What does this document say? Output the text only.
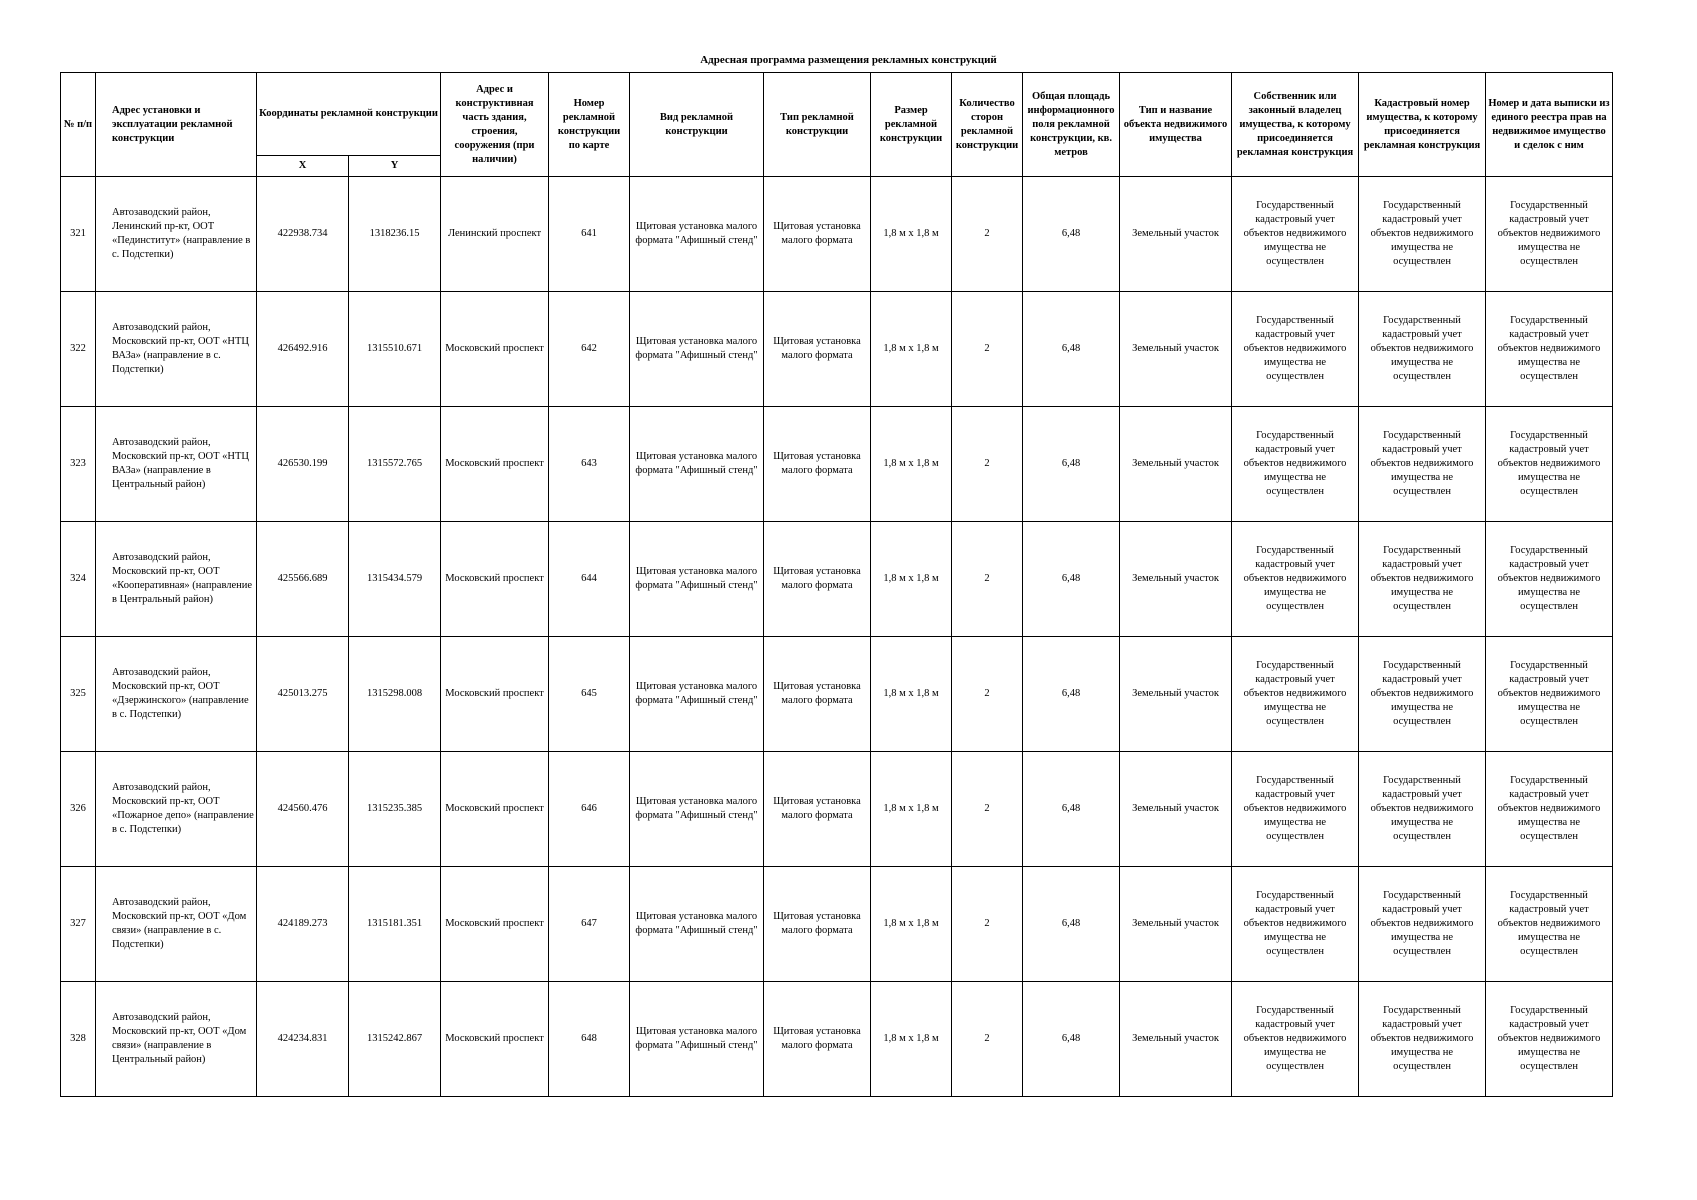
Адресная программа размещения рекламных конструкций
№ п/п	Адрес установки и эксплуатации рекламной конструкции	Координаты рекламной конструкции		Адрес и конструктивная часть здания, строения, сооружения (при наличии)	Номер рекламной конструкции по карте	Вид рекламной конструкции	Тип рекламной конструкции	Размер рекламной конструкции	Количество сторон рекламной конструкции	Общая площадь информационного поля рекламной конструкции, кв. метров	Тип и название объекта недвижимого имущества	Собственник или законный владелец имущества, к которому присоединяется рекламная конструкция	Кадастровый номер имущества, к которому присоединяется рекламная конструкция	Номер и дата выписки из единого реестра прав на недвижимое имущество и сделок с ним
		X	Y											
321	Автозаводский район, Ленинский пр-кт, ООТ «Пединститут» (направление в с. Подстепки)	422938.734	1318236.15	Ленинский проспект	641	Щитовая установка малого формата "Афишный стенд"	Щитовая установка малого формата	1,8 м х 1,8 м	2	6,48	Земельный участок	Государственный кадастровый учет объектов недвижимого имущества не осуществлен	Государственный кадастровый учет объектов недвижимого имущества не осуществлен	Государственный кадастровый учет объектов недвижимого имущества не осуществлен
322	Автозаводский район, Московский пр-кт, ООТ «НТЦ ВАЗа» (направление в с. Подстепки)	426492.916	1315510.671	Московский проспект	642	Щитовая установка малого формата "Афишный стенд"	Щитовая установка малого формата	1,8 м х 1,8 м	2	6,48	Земельный участок	Государственный кадастровый учет объектов недвижимого имущества не осуществлен	Государственный кадастровый учет объектов недвижимого имущества не осуществлен	Государственный кадастровый учет объектов недвижимого имущества не осуществлен
323	Автозаводский район, Московский пр-кт, ООТ «НТЦ ВАЗа» (направление в Центральный район)	426530.199	1315572.765	Московский проспект	643	Щитовая установка малого формата "Афишный стенд"	Щитовая установка малого формата	1,8 м х 1,8 м	2	6,48	Земельный участок	Государственный кадастровый учет объектов недвижимого имущества не осуществлен	Государственный кадастровый учет объектов недвижимого имущества не осуществлен	Государственный кадастровый учет объектов недвижимого имущества не осуществлен
324	Автозаводский район, Московский пр-кт, ООТ «Кооперативная» (направление в Центральный район)	425566.689	1315434.579	Московский проспект	644	Щитовая установка малого формата "Афишный стенд"	Щитовая установка малого формата	1,8 м х 1,8 м	2	6,48	Земельный участок	Государственный кадастровый учет объектов недвижимого имущества не осуществлен	Государственный кадастровый учет объектов недвижимого имущества не осуществлен	Государственный кадастровый учет объектов недвижимого имущества не осуществлен
325	Автозаводский район, Московский пр-кт, ООТ «Дзержинского» (направление в с. Подстепки)	425013.275	1315298.008	Московский проспект	645	Щитовая установка малого формата "Афишный стенд"	Щитовая установка малого формата	1,8 м х 1,8 м	2	6,48	Земельный участок	Государственный кадастровый учет объектов недвижимого имущества не осуществлен	Государственный кадастровый учет объектов недвижимого имущества не осуществлен	Государственный кадастровый учет объектов недвижимого имущества не осуществлен
326	Автозаводский район, Московский пр-кт, ООТ «Пожарное депо» (направление в с. Подстепки)	424560.476	1315235.385	Московский проспект	646	Щитовая установка малого формата "Афишный стенд"	Щитовая установка малого формата	1,8 м х 1,8 м	2	6,48	Земельный участок	Государственный кадастровый учет объектов недвижимого имущества не осуществлен	Государственный кадастровый учет объектов недвижимого имущества не осуществлен	Государственный кадастровый учет объектов недвижимого имущества не осуществлен
327	Автозаводский район, Московский пр-кт, ООТ «Дом связи» (направление в с. Подстепки)	424189.273	1315181.351	Московский проспект	647	Щитовая установка малого формата "Афишный стенд"	Щитовая установка малого формата	1,8 м х 1,8 м	2	6,48	Земельный участок	Государственный кадастровый учет объектов недвижимого имущества не осуществлен	Государственный кадастровый учет объектов недвижимого имущества не осуществлен	Государственный кадастровый учет объектов недвижимого имущества не осуществлен
328	Автозаводский район, Московский пр-кт, ООТ «Дом связи» (направление в Центральный район)	424234.831	1315242.867	Московский проспект	648	Щитовая установка малого формата "Афишный стенд"	Щитовая установка малого формата	1,8 м х 1,8 м	2	6,48	Земельный участок	Государственный кадастровый учет объектов недвижимого имущества не осуществлен	Государственный кадастровый учет объектов недвижимого имущества не осуществлен	Государственный кадастровый учет объектов недвижимого имущества не осуществлен
